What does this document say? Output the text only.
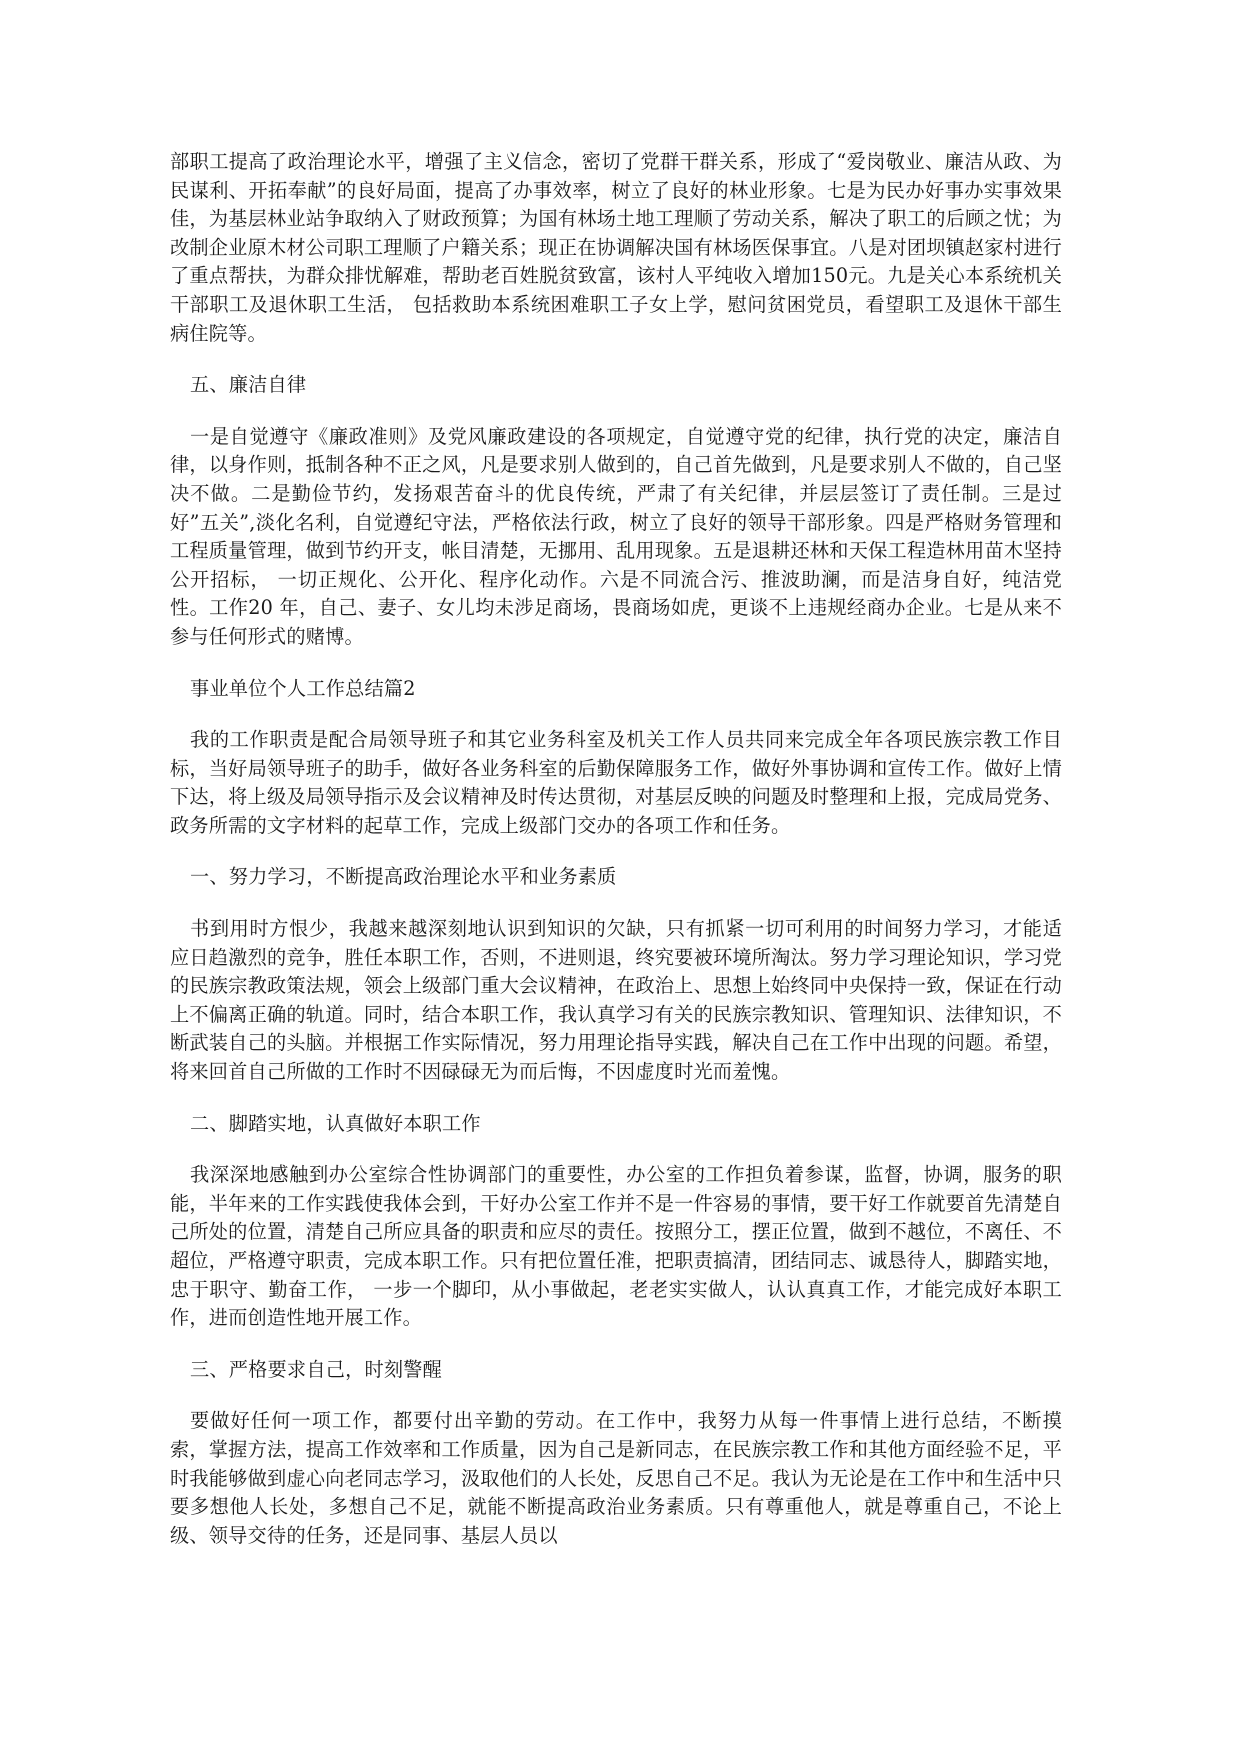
部职工提高了政治理论水平，增强了主义信念，密切了党群干群关系，形成了“爱岗敬业、廉洁从政、为民谋利、开拓奉献”的良好局面，提高了办事效率，树立了良好的林业形象。七是为民办好事办实事效果佳，为基层林业站争取纳入了财政预算；为国有林场土地工理顺了劳动关系，解决了职工的后顾之忧；为改制企业原木材公司职工理顺了户籍关系；现正在协调解决国有林场医保事宜。八是对团坝镇赵家村进行了重点帮扶，为群众排忧解难，帮助老百姓脱贫致富，该村人平纯收入增加150元。九是关心本系统机关干部职工及退休职工生活， 包括救助本系统困难职工子女上学，慰问贫困党员，看望职工及退休干部生病住院等。

五、廉洁自律

一是自觉遵守《廉政准则》及党风廉政建设的各项规定，自觉遵守党的纪律，执行党的决定，廉洁自律，以身作则，抵制各种不正之风，凡是要求别人做到的，自己首先做到，凡是要求别人不做的，自己坚决不做。二是勤俭节约，发扬艰苦奋斗的优良传统，严肃了有关纪律，并层层签订了责任制。三是过好”五关”,淡化名利，自觉遵纪守法，严格依法行政，树立了良好的领导干部形象。四是严格财务管理和工程质量管理，做到节约开支，帐目清楚，无挪用、乱用现象。五是退耕还林和天保工程造林用苗木坚持公开招标， 一切正规化、公开化、程序化动作。六是不同流合污、推波助澜，而是洁身自好，纯洁党性。工作20 年，自己、妻子、女儿均未涉足商场，畏商场如虎，更谈不上违规经商办企业。七是从来不参与任何形式的赌博。

事业单位个人工作总结篇2

我的工作职责是配合局领导班子和其它业务科室及机关工作人员共同来完成全年各项民族宗教工作目标，当好局领导班子的助手，做好各业务科室的后勤保障服务工作，做好外事协调和宣传工作。做好上情下达，将上级及局领导指示及会议精神及时传达贯彻，对基层反映的问题及时整理和上报，完成局党务、政务所需的文字材料的起草工作，完成上级部门交办的各项工作和任务。

一、努力学习，不断提高政治理论水平和业务素质

书到用时方恨少，我越来越深刻地认识到知识的欠缺，只有抓紧一切可利用的时间努力学习，才能适应日趋激烈的竞争，胜任本职工作，否则，不进则退，终究要被环境所淘汰。努力学习理论知识，学习党的民族宗教政策法规，领会上级部门重大会议精神，在政治上、思想上始终同中央保持一致，保证在行动上不偏离正确的轨道。同时，结合本职工作，我认真学习有关的民族宗教知识、管理知识、法律知识，不断武装自己的头脑。并根据工作实际情况，努力用理论指导实践，解决自己在工作中出现的问题。希望，将来回首自己所做的工作时不因碌碌无为而后悔，不因虚度时光而羞愧。

二、脚踏实地，认真做好本职工作

我深深地感触到办公室综合性协调部门的重要性，办公室的工作担负着参谋，监督，协调，服务的职能，半年来的工作实践使我体会到，干好办公室工作并不是一件容易的事情，要干好工作就要首先清楚自己所处的位置，清楚自己所应具备的职责和应尽的责任。按照分工，摆正位置，做到不越位，不离任、不超位，严格遵守职责，完成本职工作。只有把位置任准，把职责搞清，团结同志、诚恳待人，脚踏实地，忠于职守、勤奋工作， 一步一个脚印，从小事做起，老老实实做人，认认真真工作，才能完成好本职工作，进而创造性地开展工作。

三、严格要求自己，时刻警醒

要做好任何一项工作，都要付出辛勤的劳动。在工作中，我努力从每一件事情上进行总结，不断摸索，掌握方法，提高工作效率和工作质量，因为自己是新同志，在民族宗教工作和其他方面经验不足，平时我能够做到虚心向老同志学习，汲取他们的人长处，反思自己不足。我认为无论是在工作中和生活中只要多想他人长处，多想自己不足，就能不断提高政治业务素质。只有尊重他人，就是尊重自己，不论上级、领导交待的任务，还是同事、基层人员以
